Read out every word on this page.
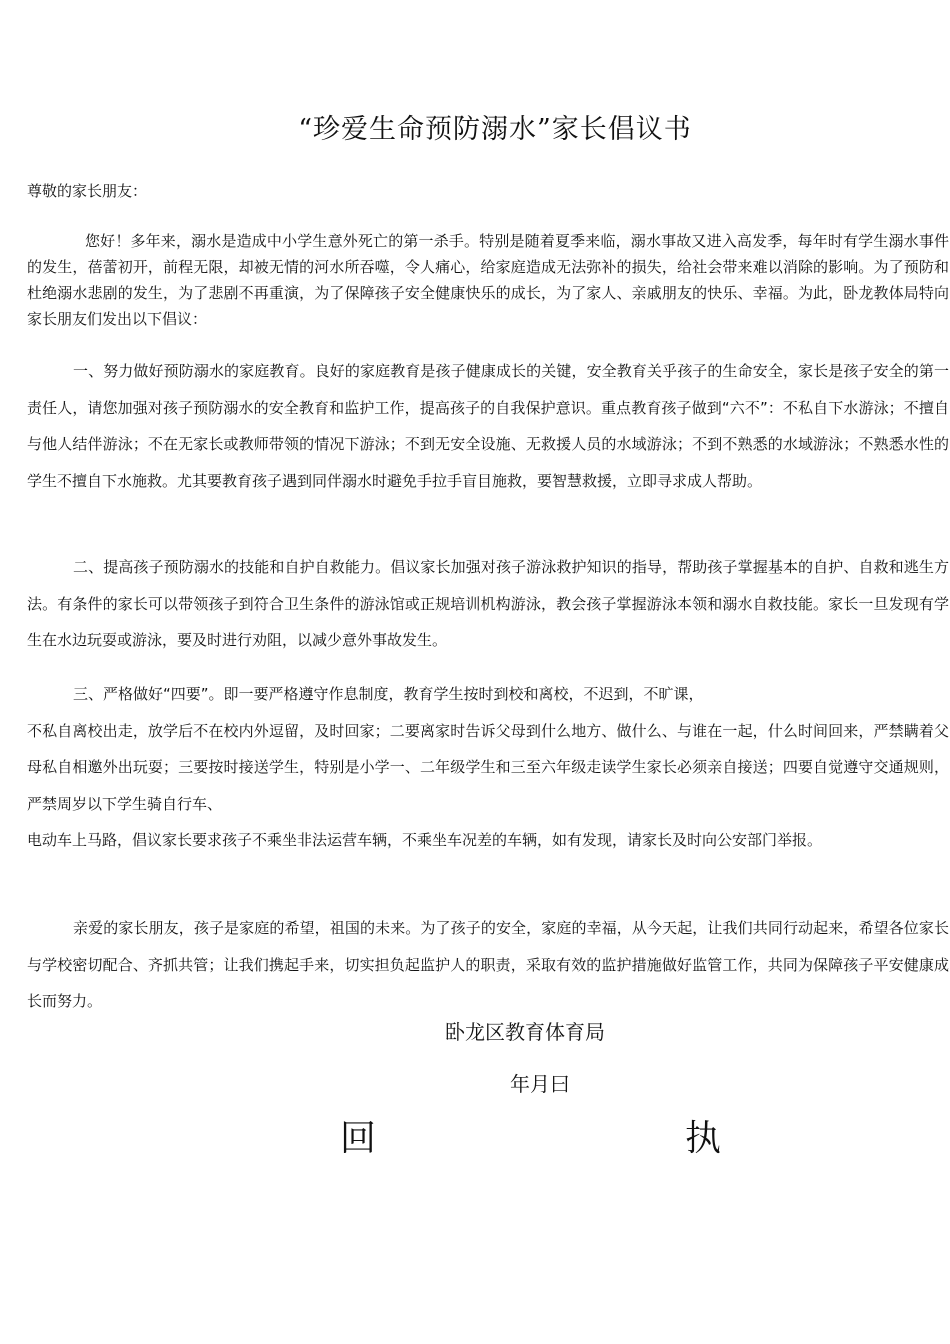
“珍爱生命预防溺水”家长倡议书
尊敬的家长朋友：

您好！多年来，溺水是造成中小学生意外死亡的第一杀手。特别是随着夏季来临，溺水事故又进入高发季，每年时有学生溺水事件的发生，蓓蕾初开，前程无限，却被无情的河水所吞噬，令人痛心，给家庭造成无法弥补的损失，给社会带来难以消除的影响。为了预防和杜绝溺水悲剧的发生，为了悲剧不再重演，为了保障孩子安全健康快乐的成长，为了家人、亲戚朋友的快乐、幸福。为此，卧龙教体局特向家长朋友们发出以下倡议：

一、努力做好预防溺水的家庭教育。良好的家庭教育是孩子健康成长的关键，安全教育关乎孩子的生命安全，家长是孩子安全的第一责任人，请您加强对孩子预防溺水的安全教育和监护工作，提高孩子的自我保护意识。重点教育孩子做到“六不”：不私自下水游泳；不擅自与他人结伴游泳；不在无家长或教师带领的情况下游泳；不到无安全设施、无救援人员的水域游泳；不到不熟悉的水域游泳；不熟悉水性的学生不擅自下水施救。尤其要教育孩子遇到同伴溺水时避免手拉手盲目施救，要智慧救援，立即寻求成人帮助。

二、提高孩子预防溺水的技能和自护自救能力。倡议家长加强对孩子游泳救护知识的指导，帮助孩子掌握基本的自护、自救和逃生方法。有条件的家长可以带领孩子到符合卫生条件的游泳馆或正规培训机构游泳，教会孩子掌握游泳本领和溺水自救技能。家长一旦发现有学生在水边玩耍或游泳，要及时进行劝阻，以减少意外事故发生。

三、严格做好“四要”。即一要严格遵守作息制度，教育学生按时到校和离校，不迟到，不旷课，
不私自离校出走，放学后不在校内外逗留，及时回家；二要离家时告诉父母到什么地方、做什么、与谁在一起，什么时间回来，严禁瞒着父母私自相邀外出玩耍；三要按时接送学生，特别是小学一、二年级学生和三至六年级走读学生家长必须亲自接送；四要自觉遵守交通规则，严禁周岁以下学生骑自行车、
电动车上马路，倡议家长要求孩子不乘坐非法运营车辆，不乘坐车况差的车辆，如有发现，请家长及时向公安部门举报。

亲爱的家长朋友，孩子是家庭的希望，祖国的未来。为了孩子的安全，家庭的幸福，从今天起，让我们共同行动起来，希望各位家长与学校密切配合、齐抓共管；让我们携起手来，切实担负起监护人的职责，采取有效的监护措施做好监管工作，共同为保障孩子平安健康成长而努力。

卧龙区教育体育局
年月曰
回	执
